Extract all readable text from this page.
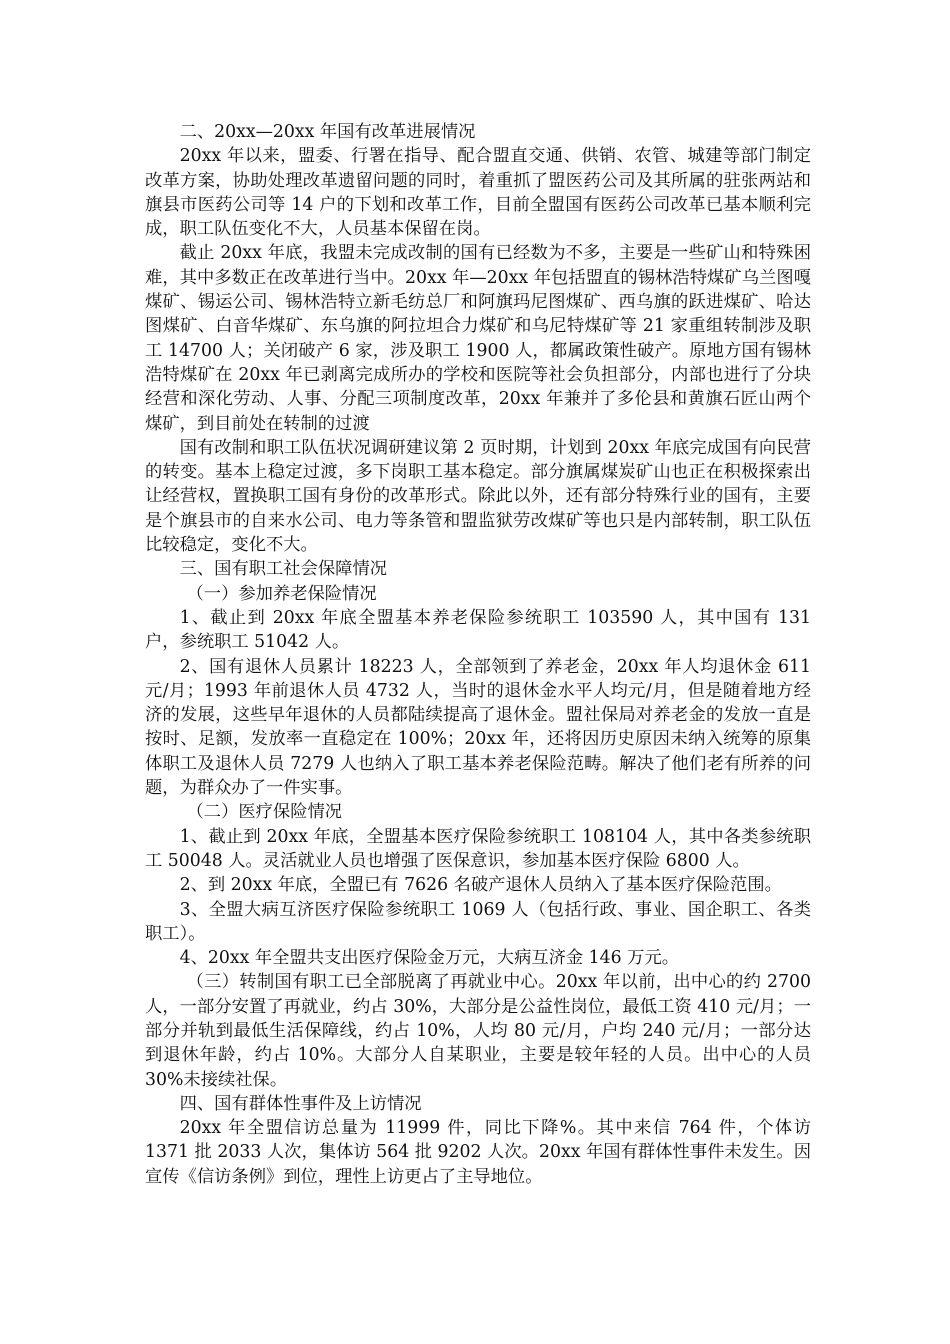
二、20xx—20xx 年国有改革进展情况

20xx 年以来，盟委、行署在指导、配合盟直交通、供销、农管、城建等部门制定改革方案，协助处理改革遗留问题的同时，着重抓了盟医药公司及其所属的驻张两站和旗县市医药公司等 14 户的下划和改革工作，目前全盟国有医药公司改革已基本顺利完成，职工队伍变化不大，人员基本保留在岗。

截止 20xx 年底，我盟未完成改制的国有已经数为不多，主要是一些矿山和特殊困难，其中多数正在改革进行当中。20xx 年—20xx 年包括盟直的锡林浩特煤矿乌兰图嘎煤矿、锡运公司、锡林浩特立新毛纺总厂和阿旗玛尼图煤矿、西乌旗的跃进煤矿、哈达图煤矿、白音华煤矿、东乌旗的阿拉坦合力煤矿和乌尼特煤矿等 21 家重组转制涉及职工 14700 人；关闭破产 6 家，涉及职工 1900 人，都属政策性破产。原地方国有锡林浩特煤矿在 20xx 年已剥离完成所办的学校和医院等社会负担部分，内部也进行了分块经营和深化劳动、人事、分配三项制度改革，20xx 年兼并了多伦县和黄旗石匠山两个煤矿，到目前处在转制的过渡

国有改制和职工队伍状况调研建议第 2 页时期，计划到 20xx 年底完成国有向民营的转变。基本上稳定过渡，多下岗职工基本稳定。部分旗属煤炭矿山也正在积极探索出让经营权，置换职工国有身份的改革形式。除此以外，还有部分特殊行业的国有，主要是个旗县市的自来水公司、电力等条管和盟监狱劳改煤矿等也只是内部转制，职工队伍比较稳定，变化不大。

三、国有职工社会保障情况

（一）参加养老保险情况

1、截止到 20xx 年底全盟基本养老保险参统职工 103590 人，其中国有 131 户，参统职工 51042 人。

2、国有退休人员累计 18223 人，全部领到了养老金，20xx 年人均退休金 611 元/月；1993 年前退休人员 4732 人，当时的退休金水平人均元/月，但是随着地方经济的发展，这些早年退休的人员都陆续提高了退休金。盟社保局对养老金的发放一直是按时、足额，发放率一直稳定在 100%；20xx 年，还将因历史原因未纳入统筹的原集体职工及退休人员 7279 人也纳入了职工基本养老保险范畴。解决了他们老有所养的问题，为群众办了一件实事。

（二）医疗保险情况

1、截止到 20xx 年底，全盟基本医疗保险参统职工 108104 人，其中各类参统职工 50048 人。灵活就业人员也增强了医保意识，参加基本医疗保险 6800 人。

2、到 20xx 年底，全盟已有 7626 名破产退休人员纳入了基本医疗保险范围。

3、全盟大病互济医疗保险参统职工 1069 人（包括行政、事业、国企职工、各类职工）。

4、20xx 年全盟共支出医疗保险金万元，大病互济金 146 万元。

（三）转制国有职工已全部脱离了再就业中心。20xx 年以前，出中心的约 2700 人，一部分安置了再就业，约占 30%，大部分是公益性岗位，最低工资 410 元/月；一部分并轨到最低生活保障线，约占 10%，人均 80 元/月，户均 240 元/月；一部分达到退休年龄，约占 10%。大部分人自某职业，主要是较年轻的人员。出中心的人员 30%未接续社保。

四、国有群体性事件及上访情况

20xx 年全盟信访总量为 11999 件，同比下降%。其中来信 764 件，个体访 1371 批 2033 人次，集体访 564 批 9202 人次。20xx 年国有群体性事件未发生。因宣传《信访条例》到位，理性上访更占了主导地位。
